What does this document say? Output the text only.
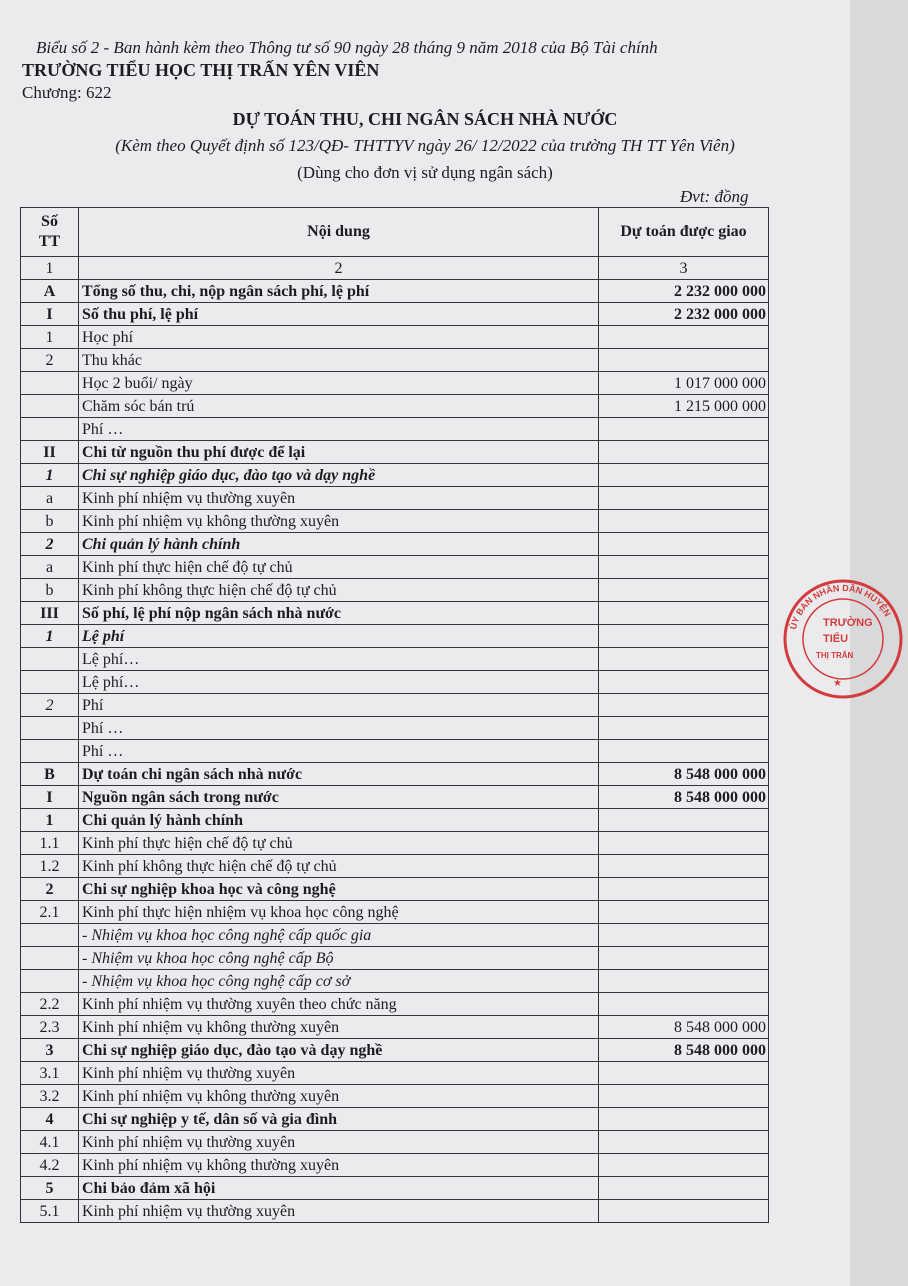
Biểu số 2 - Ban hành kèm theo Thông tư số 90 ngày 28 tháng 9 năm 2018 của Bộ Tài chính
TRƯỜNG TIỂU HỌC THỊ TRẤN YÊN VIÊN
Chương: 622
DỰ TOÁN THU, CHI NGÂN SÁCH NHÀ NƯỚC
(Kèm theo Quyết định số 123/QĐ- THTTYV ngày 26/ 12/2022 của trường TH TT Yên Viên)
(Dùng cho đơn vị sử dụng ngân sách)
Đvt: đồng
Số TT	Nội dung	Dự toán được giao
1	2	3
A	Tổng số thu, chi, nộp ngân sách phí, lệ phí	2 232 000 000
I	Số thu phí, lệ phí	2 232 000 000
1	Học phí	
2	Thu khác	
	Học 2 buổi/ ngày	1 017 000 000
	Chăm sóc bán trú	1 215 000 000
	Phí …	
II	Chi từ nguồn thu phí được để lại	
1	Chi sự nghiệp giáo dục, đào tạo và dạy nghề	
a	Kinh phí nhiệm vụ thường xuyên	
b	Kinh phí nhiệm vụ không thường xuyên	
2	Chi quản lý hành chính	
a	Kinh phí thực hiện chế độ tự chủ	
b	Kinh phí không thực hiện chế độ tự chủ	
III	Số phí, lệ phí nộp ngân sách nhà nước	
1	Lệ phí	
	Lệ phí…	
	Lệ phí…	
2	Phí	
	Phí …	
	Phí …	
B	Dự toán chi ngân sách nhà nước	8 548 000 000
I	Nguồn ngân sách trong nước	8 548 000 000
1	Chi quản lý hành chính	
1.1	Kinh phí thực hiện chế độ tự chủ	
1.2	Kinh phí không thực hiện chế độ tự chủ	
2	Chi sự nghiệp khoa học và công nghệ	
2.1	Kinh phí thực hiện nhiệm vụ khoa học công nghệ	
	- Nhiệm vụ khoa học công nghệ cấp quốc gia	
	- Nhiệm vụ khoa học công nghệ cấp Bộ	
	- Nhiệm vụ khoa học công nghệ cấp cơ sở	
2.2	Kinh phí nhiệm vụ thường xuyên theo chức năng	
2.3	Kinh phí nhiệm vụ không thường xuyên	8 548 000 000
3	Chi sự nghiệp giáo dục, đào tạo và dạy nghề	8 548 000 000
3.1	Kinh phí nhiệm vụ thường xuyên	
3.2	Kinh phí nhiệm vụ không thường xuyên	
4	Chi sự nghiệp y tế, dân số và gia đình	
4.1	Kinh phí nhiệm vụ thường xuyên	
4.2	Kinh phí nhiệm vụ không thường xuyên	
5	Chi bảo đảm xã hội	
5.1	Kinh phí nhiệm vụ thường xuyên	
ỦY BAN NHÂN DÂN HUYỆN
TRƯỜNG
TIỂU
THỊ TRẤN
★
